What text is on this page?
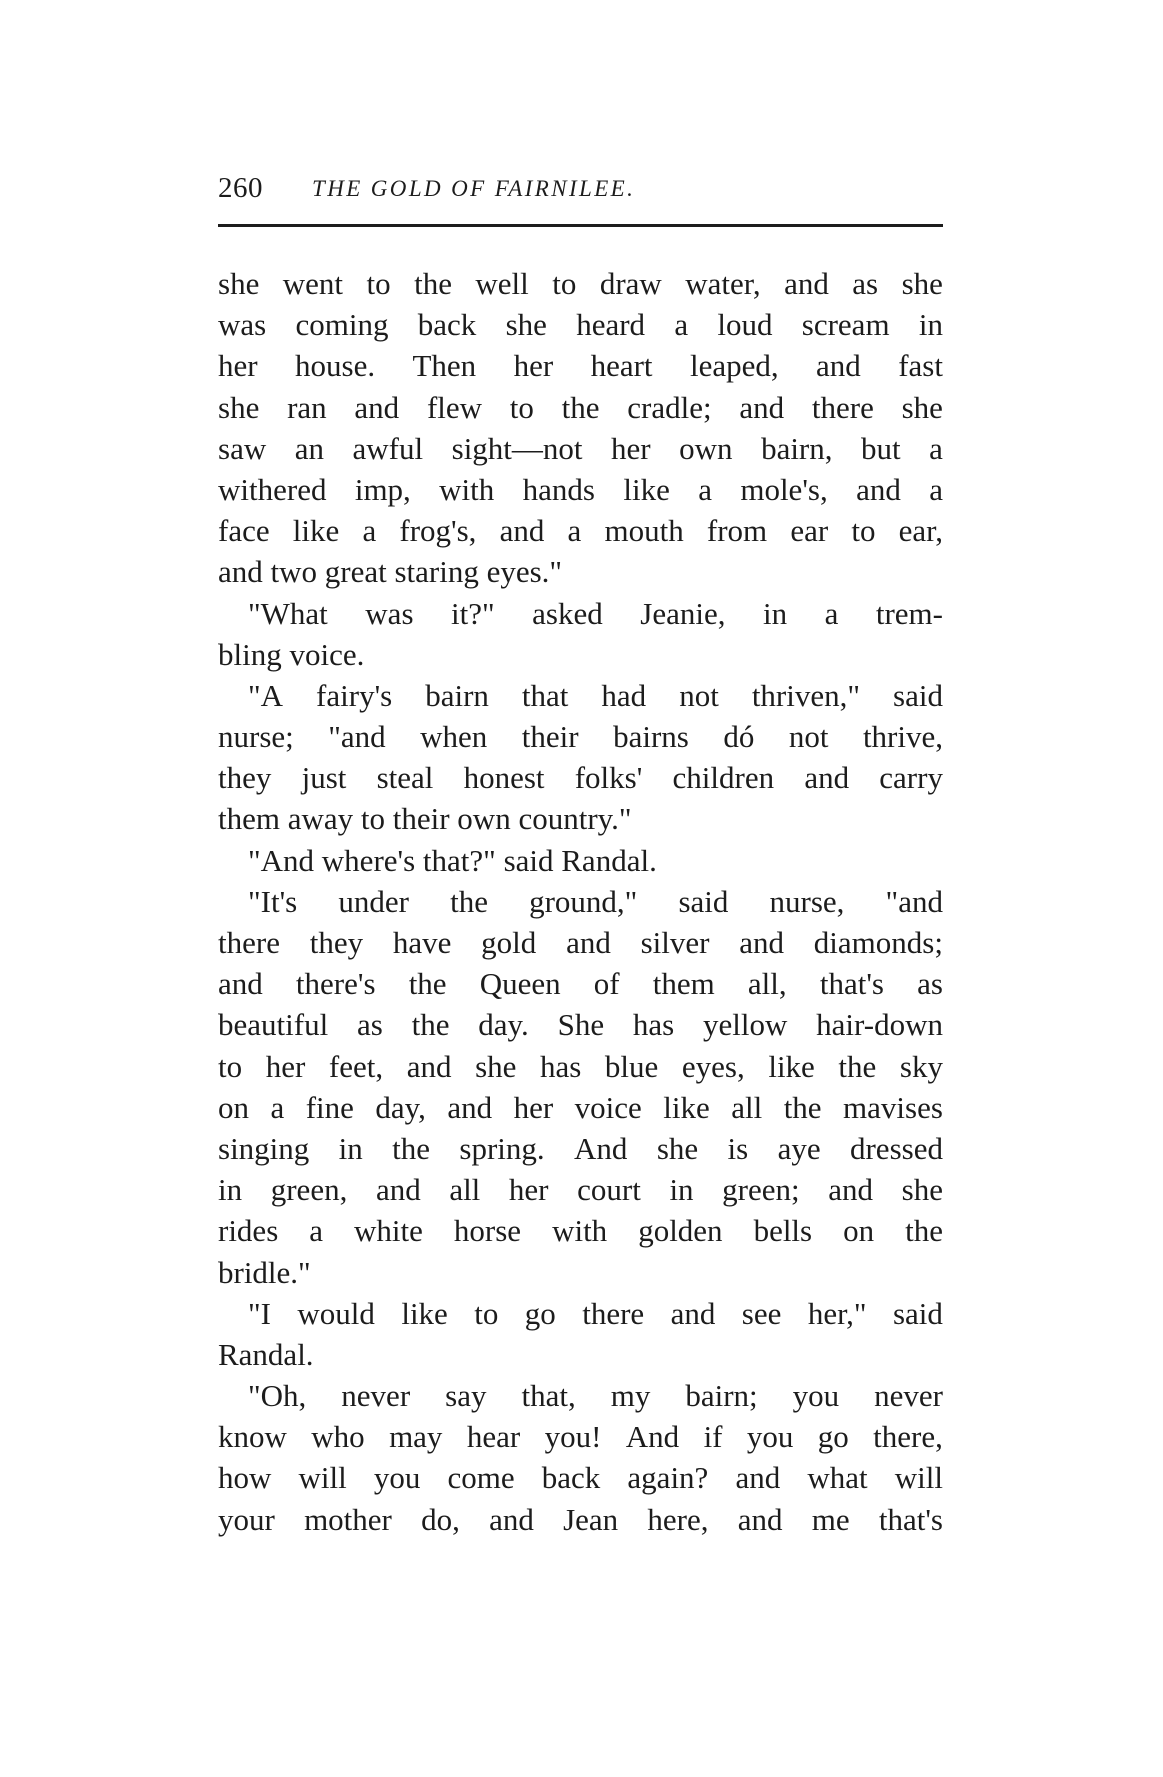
260 THE GOLD OF FAIRNILEE.
she went to the well to draw water, and as she
was coming back she heard a loud scream in
her house. Then her heart leaped, and fast
she ran and flew to the cradle; and there she
saw an awful sight—not her own bairn, but a
withered imp, with hands like a mole's, and a
face like a frog's, and a mouth from ear to ear,
and two great staring eyes."
"What was it?" asked Jeanie, in a trem-
bling voice.
"A fairy's bairn that had not thriven," said
nurse; "and when their bairns dó not thrive,
they just steal honest folks' children and carry
them away to their own country."
"And where's that?" said Randal.
"It's under the ground," said nurse, "and
there they have gold and silver and diamonds;
and there's the Queen of them all, that's as
beautiful as the day. She has yellow hair-down
to her feet, and she has blue eyes, like the sky
on a fine day, and her voice like all the mavises
singing in the spring. And she is aye dressed
in green, and all her court in green; and she
rides a white horse with golden bells on the
bridle."
"I would like to go there and see her," said
Randal.
"Oh, never say that, my bairn; you never
know who may hear you! And if you go there,
how will you come back again? and what will
your mother do, and Jean here, and me that's
